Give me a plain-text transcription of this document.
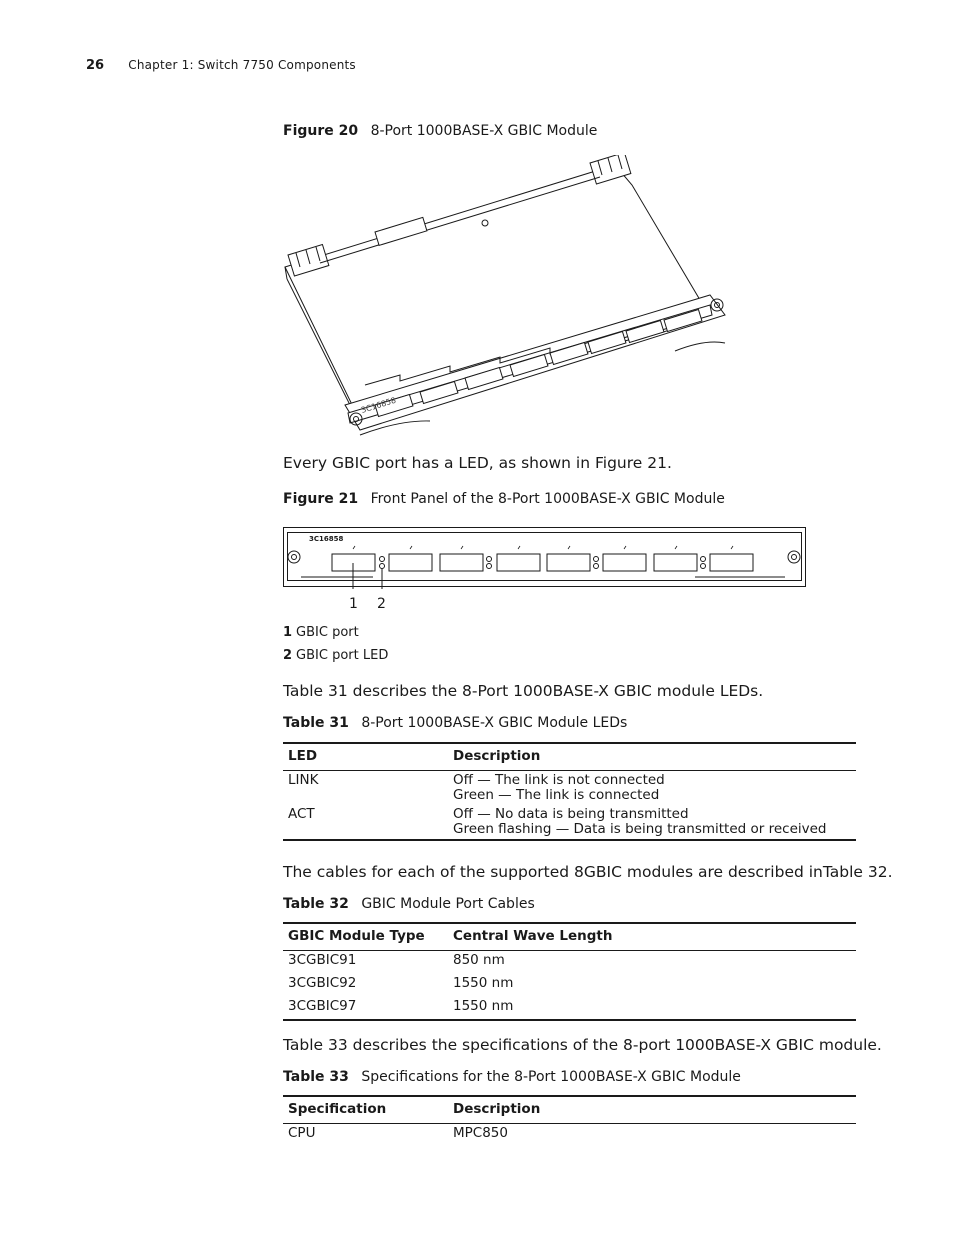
26 Chapter 1: Switch 7750 Components
Figure 20 8-Port 1000BASE-X GBIC Module
3C16858
Every GBIC port has a LED, as shown in Figure 21.
Figure 21 Front Panel of the 8-Port 1000BASE-X GBIC Module
3C16858
1 2
1 GBIC port
2 GBIC port LED
Table 31 describes the 8-Port 1000BASE-X GBIC module LEDs.
Table 31 8-Port 1000BASE-X GBIC Module LEDs
LED	Description
LINK	Off — The link is not connected
Green — The link is connected

ACT	Off — No data is being transmitted
Green flashing — Data is being transmitted or received
The cables for each of the supported 8GBIC modules are described inTable 32.
Table 32 GBIC Module Port Cables
GBIC Module Type	Central Wave Length
3CGBIC91	850 nm
3CGBIC92	1550 nm
3CGBIC97	1550 nm
Table 33 describes the specifications of the 8-port 1000BASE-X GBIC module.
Table 33 Specifications for the 8-Port 1000BASE-X GBIC Module
Specification	Description
CPU	MPC850
